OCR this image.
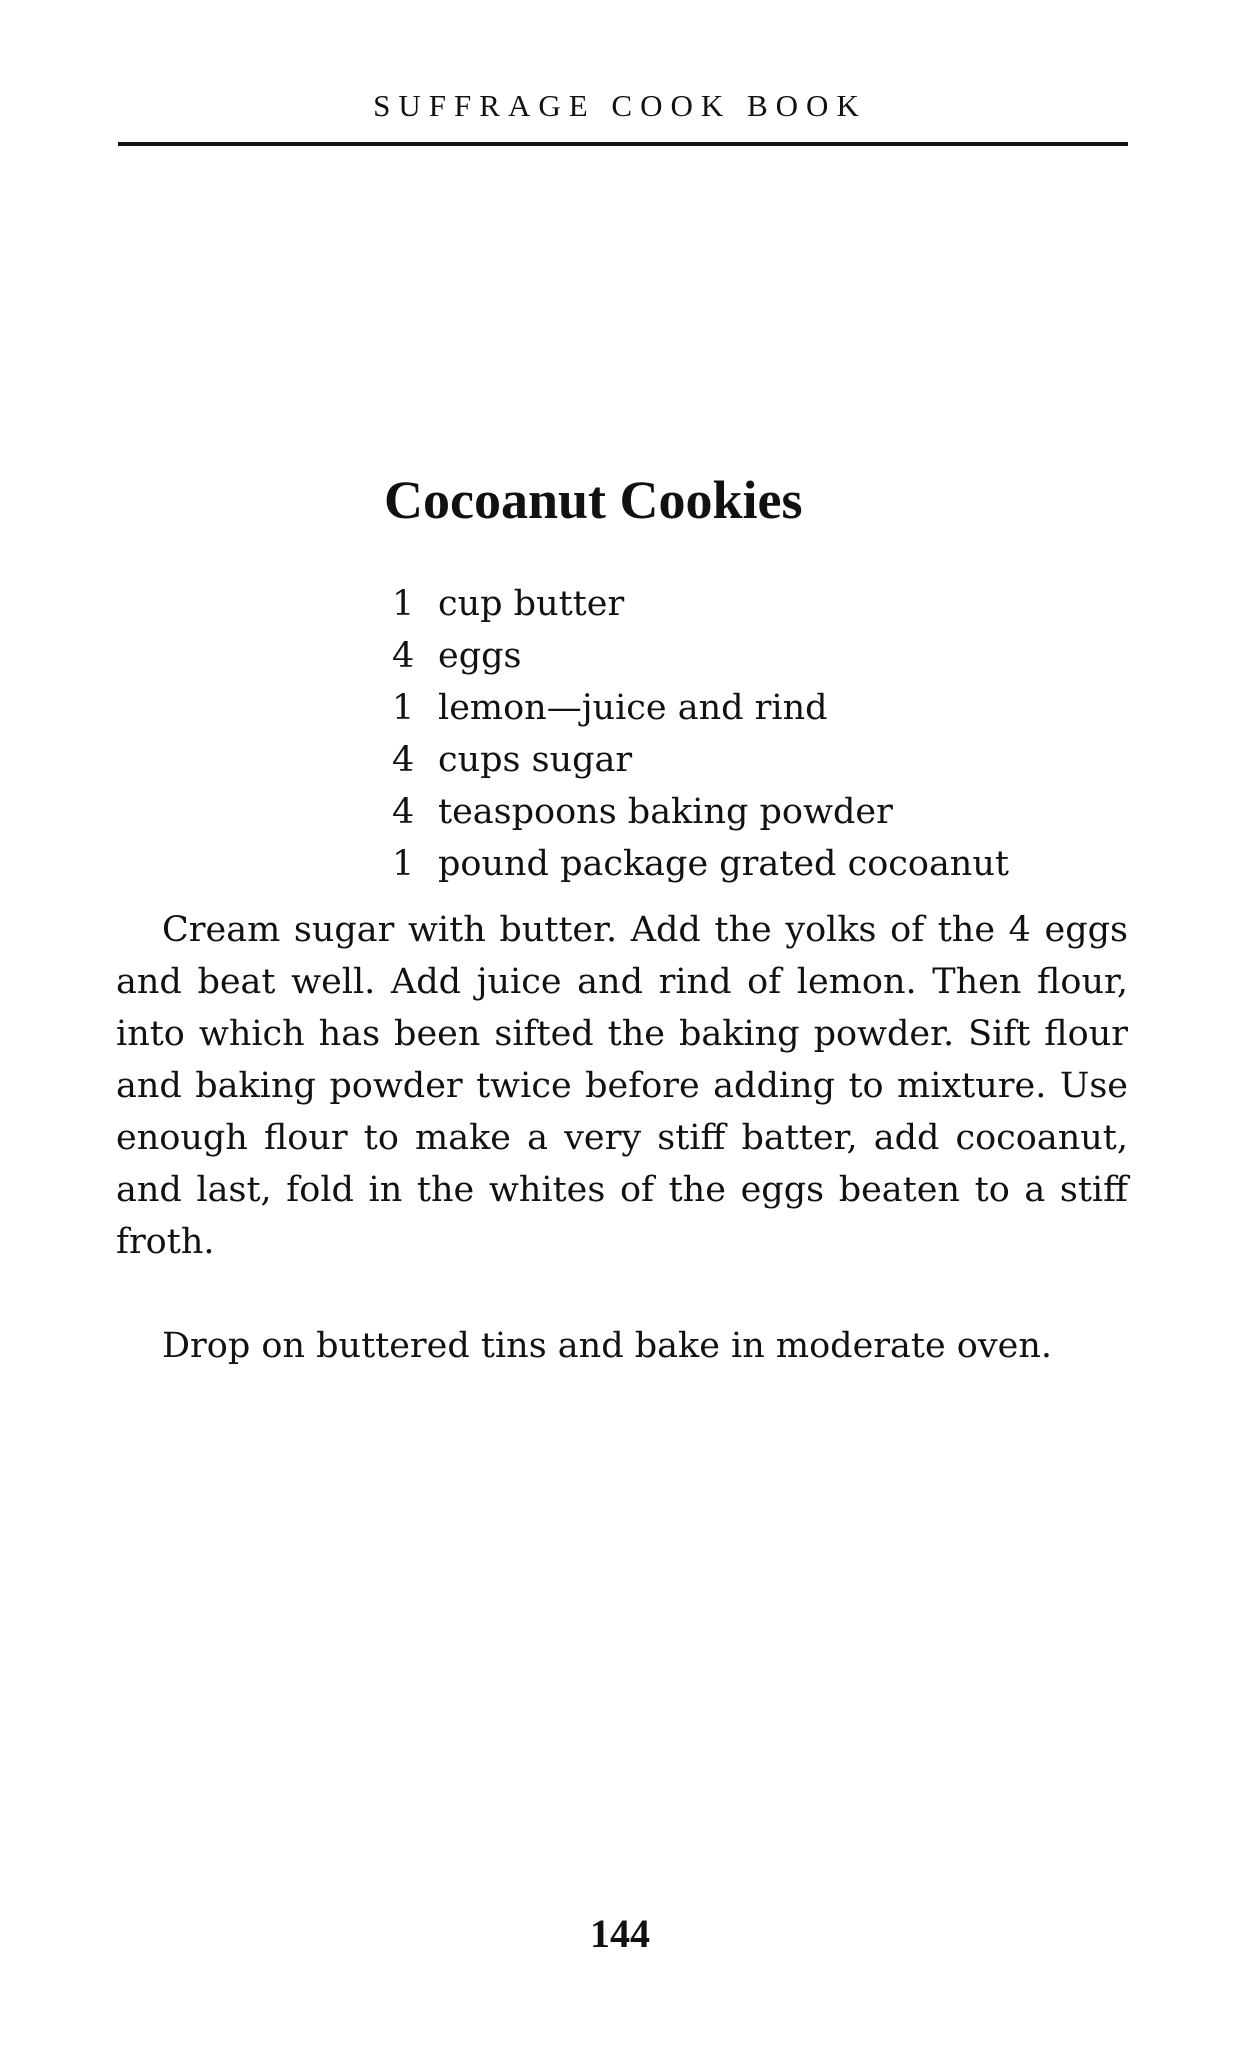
SUFFRAGE COOK BOOK
Cocoanut Cookies
1 cup butter
4 eggs
1 lemon—juice and rind
4 cups sugar
4 teaspoons baking powder
1 pound package grated cocoanut

Cream sugar with butter. Add the yolks of the 4 eggs and beat well. Add juice and rind of lemon. Then flour, into which has been sifted the baking powder. Sift flour and baking powder twice before adding to mixture. Use enough flour to make a very stiff batter, add cocoanut, and last, fold in the whites of the eggs beaten to a stiff froth.

Drop on buttered tins and bake in moderate oven.

144
